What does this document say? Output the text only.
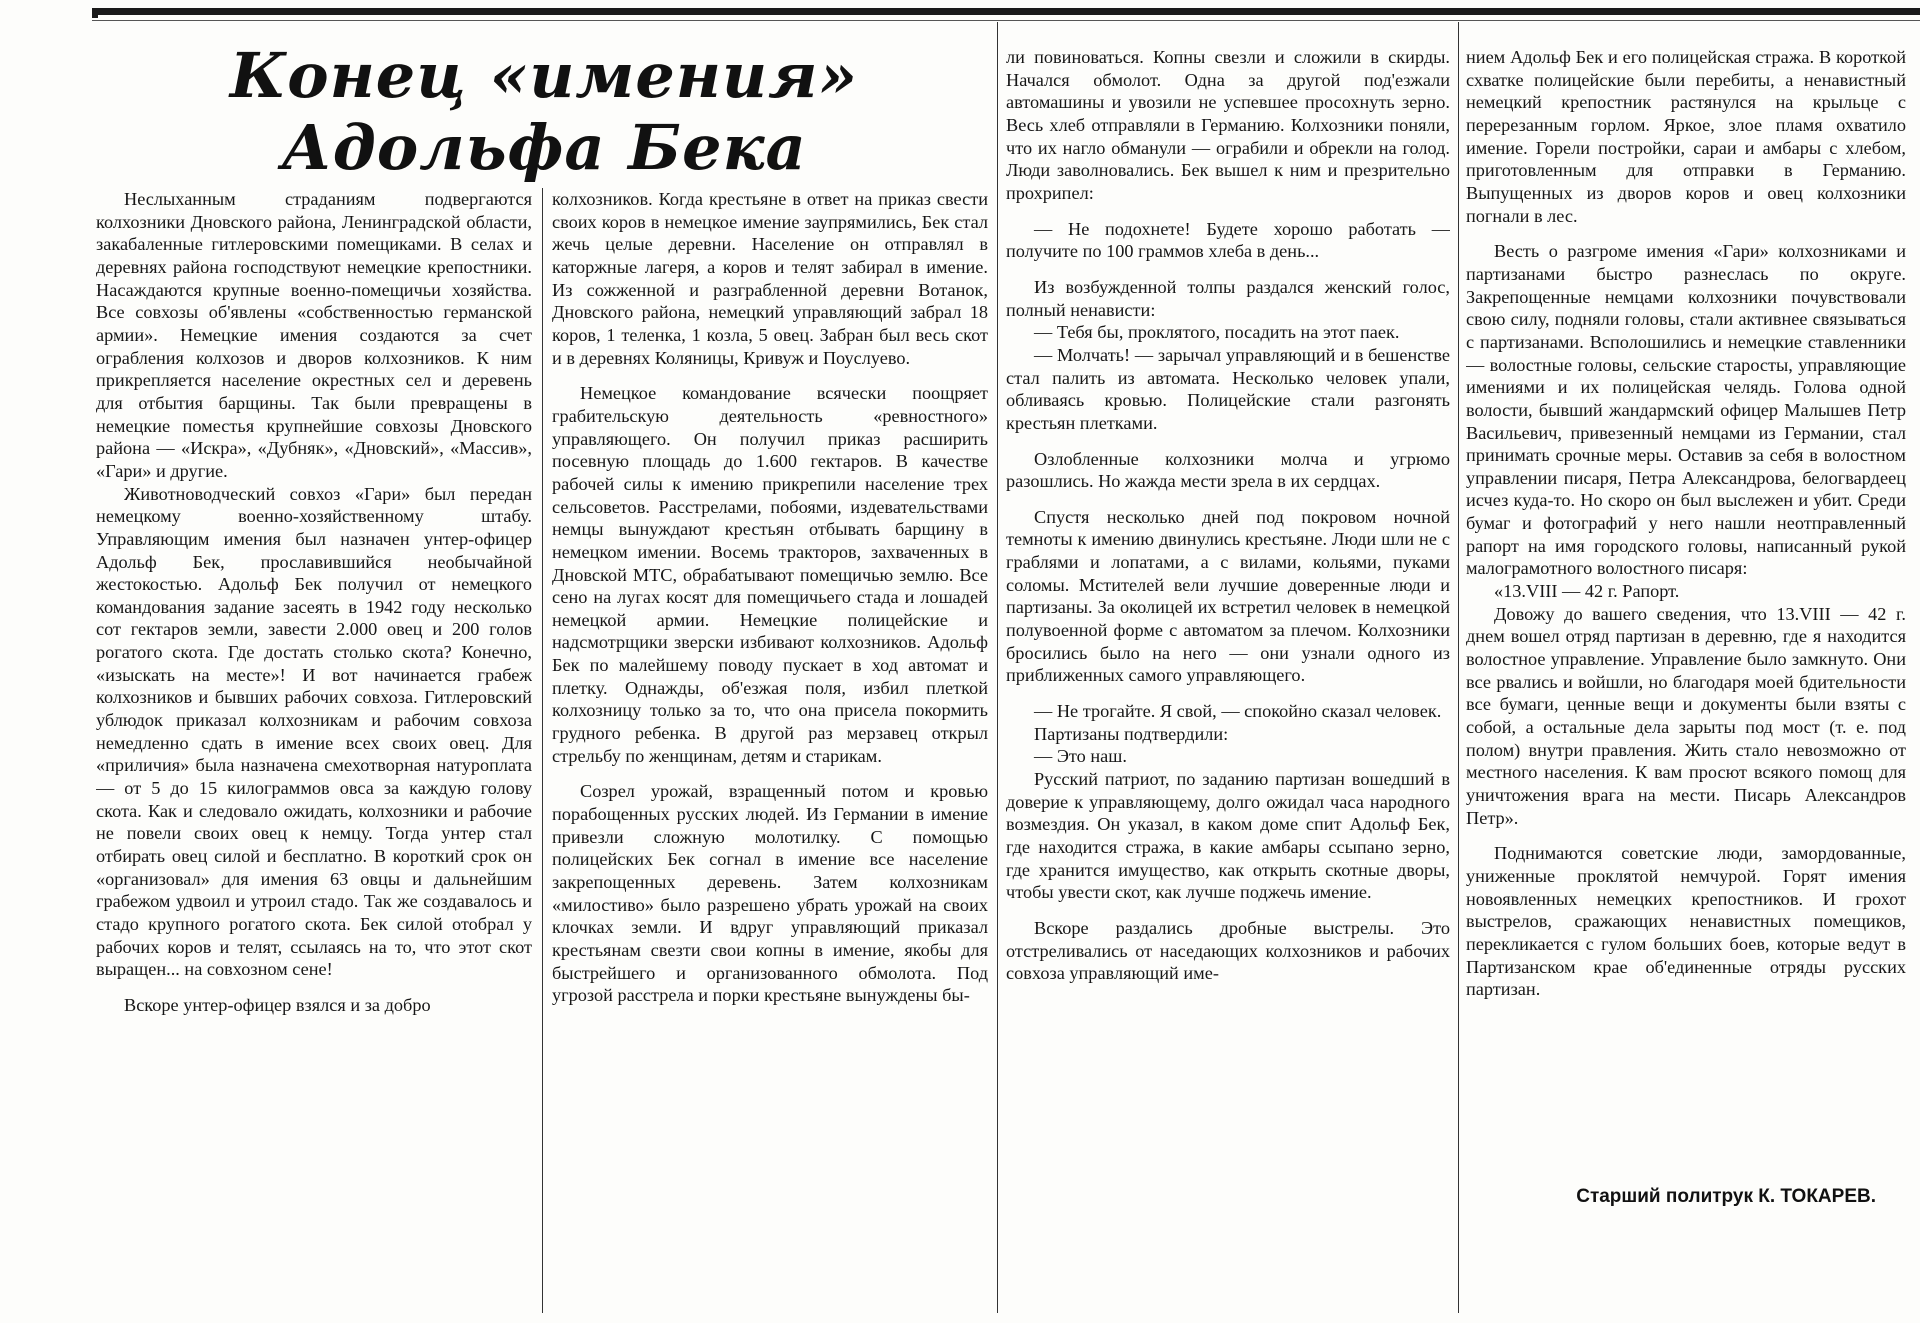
Конец «имения» Адольфа Бека

Неслыханным страданиям подвергаются колхозники Дновского района, Ленинградской области, закабаленные гитлеровскими помещиками. В селах и деревнях района господствуют немецкие крепостники. Насаждаются крупные военно-помещичьи хозяйства. Все совхозы об'явлены «собственностью германской армии». Немецкие имения создаются за счет ограбления колхозов и дворов колхозников. К ним прикрепляется население окрестных сел и деревень для отбытия барщины. Так были превращены в немецкие поместья крупнейшие совхозы Дновского района — «Искра», «Дубняк», «Дновский», «Массив», «Гари» и другие.

Животноводческий совхоз «Гари» был передан немецкому военно-хозяйственному штабу. Управляющим имения был назначен унтер-офицер Адольф Бек, прославившийся необычайной жестокостью. Адольф Бек получил от немецкого командования задание засеять в 1942 году несколько сот гектаров земли, завести 2.000 овец и 200 голов рогатого скота. Где достать столько скота? Конечно, «изыскать на месте»! И вот начинается грабеж колхозников и бывших рабочих совхоза. Гитлеровский ублюдок приказал колхозникам и рабочим совхоза немедленно сдать в имение всех своих овец. Для «приличия» была назначена смехотворная натуроплата — от 5 до 15 килограммов овса за каждую голову скота. Как и следовало ожидать, колхозники и рабочие не повели своих овец к немцу. Тогда унтер стал отбирать овец силой и бесплатно. В короткий срок он «организовал» для имения 63 овцы и дальнейшим грабежом удвоил и утроил стадо. Так же создавалось и стадо крупного рогатого скота. Бек силой отобрал у рабочих коров и телят, ссылаясь на то, что этот скот выращен... на совхозном сене!

Вскоре унтер-офицер взялся и за добро

колхозников. Когда крестьяне в ответ на приказ свести своих коров в немецкое имение заупрямились, Бек стал жечь целые деревни. Население он отправлял в каторжные лагеря, а коров и телят забирал в имение. Из сожженной и разграбленной деревни Вотанок, Дновского района, немецкий управляющий забрал 18 коров, 1 теленка, 1 козла, 5 овец. Забран был весь скот и в деревнях Коляницы, Кривуж и Поуслуево.

Немецкое командование всячески поощряет грабительскую деятельность «ревностного» управляющего. Он получил приказ расширить посевную площадь до 1.600 гектаров. В качестве рабочей силы к имению прикрепили население трех сельсоветов. Расстрелами, побоями, издевательствами немцы вынуждают крестьян отбывать барщину в немецком имении. Восемь тракторов, захваченных в Дновской МТС, обрабатывают помещичью землю. Все сено на лугах косят для помещичьего стада и лошадей немецкой армии. Немецкие полицейские и надсмотрщики зверски избивают колхозников. Адольф Бек по малейшему поводу пускает в ход автомат и плетку. Однажды, об'езжая поля, избил плеткой колхозницу только за то, что она присела покормить грудного ребенка. В другой раз мерзавец открыл стрельбу по женщинам, детям и старикам.

Созрел урожай, взращенный потом и кровью порабощенных русских людей. Из Германии в имение привезли сложную молотилку. С помощью полицейских Бек согнал в имение все население закрепощенных деревень. Затем колхозникам «милостиво» было разрешено убрать урожай на своих клочках земли. И вдруг управляющий приказал крестьянам свезти свои копны в имение, якобы для быстрейшего и организованного обмолота. Под угрозой расстрела и порки крестьяне вынуждены бы-

ли повиноваться. Копны свезли и сложили в скирды. Начался обмолот. Одна за другой под'езжали автомашины и увозили не успевшее просохнуть зерно. Весь хлеб отправляли в Германию. Колхозники поняли, что их нагло обманули — ограбили и обрекли на голод. Люди заволновались. Бек вышел к ним и презрительно прохрипел:

— Не подохнете! Будете хорошо работать — получите по 100 граммов хлеба в день...

Из возбужденной толпы раздался женский голос, полный ненависти:

— Тебя бы, проклятого, посадить на этот паек.

— Молчать! — зарычал управляющий и в бешенстве стал палить из автомата. Несколько человек упали, обливаясь кровью. Полицейские стали разгонять крестьян плетками.

Озлобленные колхозники молча и угрюмо разошлись. Но жажда мести зрела в их сердцах.

Спустя несколько дней под покровом ночной темноты к имению двинулись крестьяне. Люди шли не с граблями и лопатами, а с вилами, кольями, пуками соломы. Мстителей вели лучшие доверенные люди и партизаны. За околицей их встретил человек в немецкой полувоенной форме с автоматом за плечом. Колхозники бросились было на него — они узнали одного из приближенных самого управляющего.

— Не трогайте. Я свой, — спокойно сказал человек.

Партизаны подтвердили:

— Это наш.

Русский патриот, по заданию партизан вошедший в доверие к управляющему, долго ожидал часа народного возмездия. Он указал, в каком доме спит Адольф Бек, где находится стража, в какие амбары ссыпано зерно, где хранится имущество, как открыть скотные дворы, чтобы увести скот, как лучше поджечь имение.

Вскоре раздались дробные выстрелы. Это отстреливались от наседающих колхозников и рабочих совхоза управляющий име-

нием Адольф Бек и его полицейская стража. В короткой схватке полицейские были перебиты, а ненавистный немецкий крепостник растянулся на крыльце с перерезанным горлом. Яркое, злое пламя охватило имение. Горели постройки, сараи и амбары с хлебом, приготовленным для отправки в Германию. Выпущенных из дворов коров и овец колхозники погнали в лес.

Весть о разгроме имения «Гари» колхозниками и партизанами быстро разнеслась по округе. Закрепощенные немцами колхозники почувствовали свою силу, подняли головы, стали активнее связываться с партизанами. Всполошились и немецкие ставленники — волостные головы, сельские старосты, управляющие имениями и их полицейская челядь. Голова одной волости, бывший жандармский офицер Малышев Петр Васильевич, привезенный немцами из Германии, стал принимать срочные меры. Оставив за себя в волостном управлении писаря, Петра Александрова, белогвардеец исчез куда-то. Но скоро он был выслежен и убит. Среди бумаг и фотографий у него нашли неотправленный рапорт на имя городского головы, написанный рукой малограмотного волостного писаря:

«13.VIII — 42 г. Рапорт.

Довожу до вашего сведения, что 13.VIII — 42 г. днем вошел отряд партизан в деревню, где я находится волостное управление. Управление было замкнуто. Они все рвались и войшли, но благодаря моей бдительности все бумаги, ценные вещи и документы были взяты с собой, а остальные дела зарыты под мост (т. е. под полом) внутри правления. Жить стало невозможно от местного населения. К вам просют всякого помощ для уничтожения врага на мести. Писарь Александров Петр».

Поднимаются советские люди, замордованные, униженные проклятой немчурой. Горят имения новоявленных немецких крепостников. И грохот выстрелов, сражающих ненавистных помещиков, перекликается с гулом больших боев, которые ведут в Партизанском крае об'единенные отряды русских партизан.

Старший политрук К. ТОКАРЕВ.
